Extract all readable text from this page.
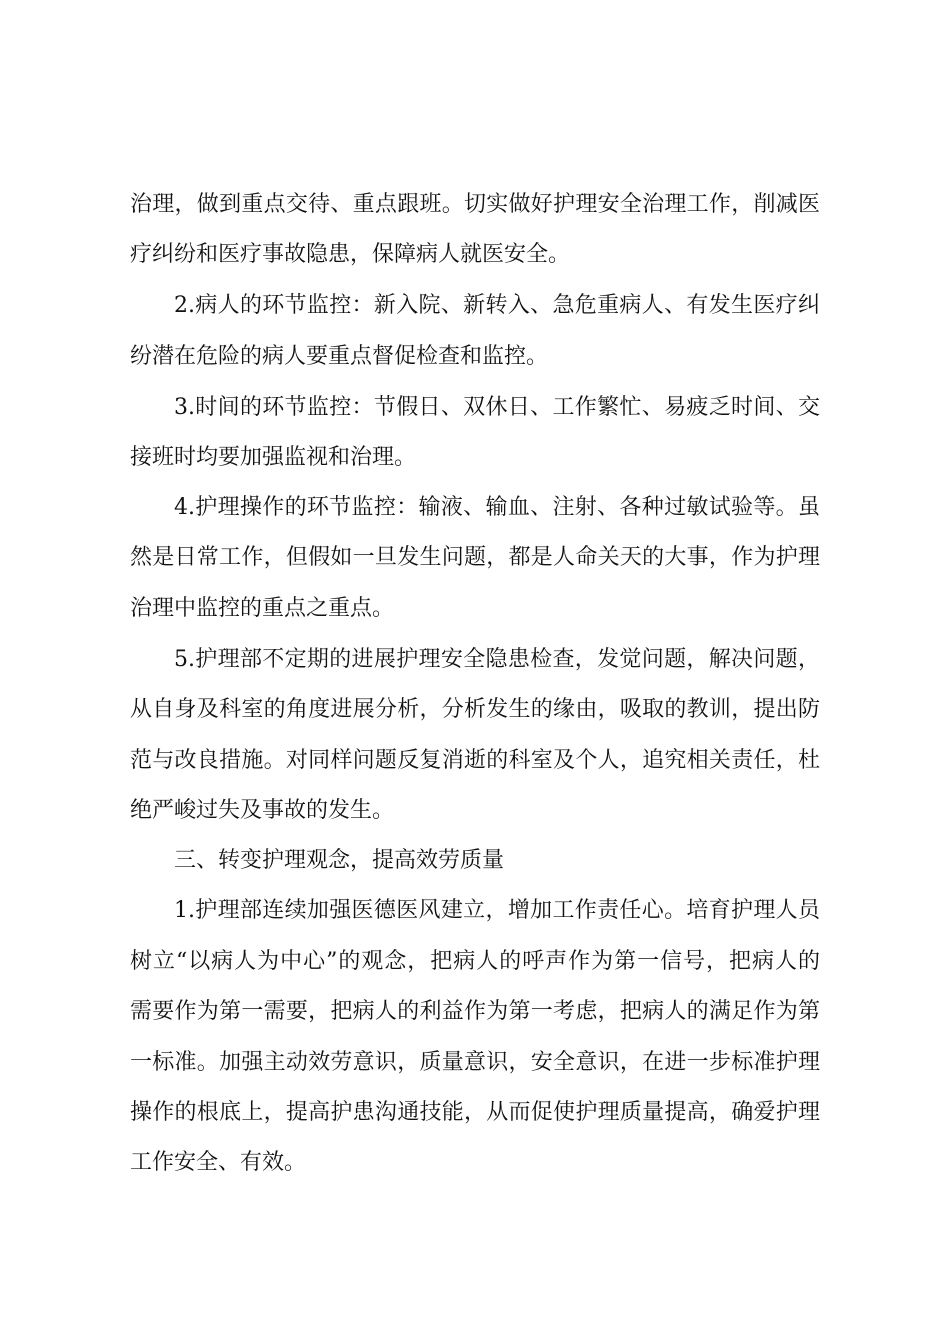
治理，做到重点交待、重点跟班。切实做好护理安全治理工作，削减医
疗纠纷和医疗事故隐患，保障病人就医安全。
2.病人的环节监控：新入院、新转入、急危重病人、有发生医疗纠
纷潜在危险的病人要重点督促检查和监控。
3.时间的环节监控：节假日、双休日、工作繁忙、易疲乏时间、交
接班时均要加强监视和治理。
4.护理操作的环节监控：输液、输血、注射、各种过敏试验等。虽
然是日常工作，但假如一旦发生问题，都是人命关天的大事，作为护理
治理中监控的重点之重点。
5.护理部不定期的进展护理安全隐患检查，发觉问题，解决问题，
从自身及科室的角度进展分析，分析发生的缘由，吸取的教训，提出防
范与改良措施。对同样问题反复消逝的科室及个人，追究相关责任，杜
绝严峻过失及事故的发生。
三、转变护理观念，提高效劳质量
1.护理部连续加强医德医风建立，增加工作责任心。培育护理人员
树立“以病人为中心”的观念，把病人的呼声作为第一信号，把病人的
需要作为第一需要，把病人的利益作为第一考虑，把病人的满足作为第
一标准。加强主动效劳意识，质量意识，安全意识，在进一步标准护理
操作的根底上，提高护患沟通技能，从而促使护理质量提高，确爱护理
工作安全、有效。
